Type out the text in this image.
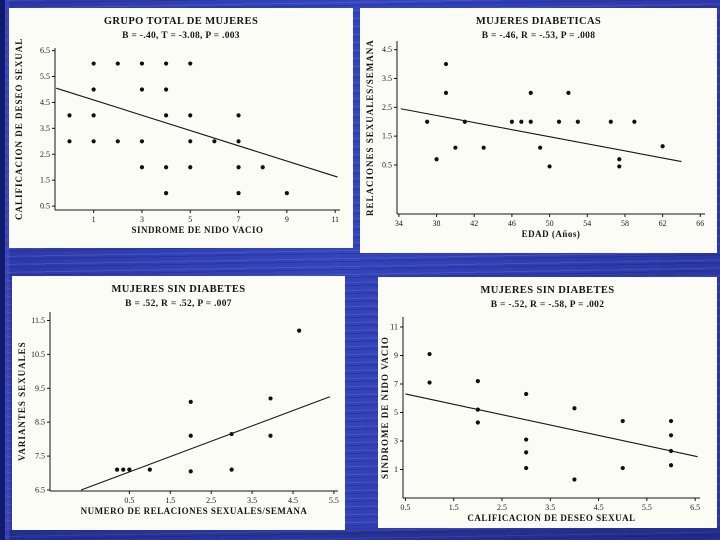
GRUPO TOTAL DE MUJERES
B = -.40, T = -3.08, P = .003
CALIFICACION DE DESEO SEXUAL
SINDROME DE NIDO VACIO
1	3	5	7	9	11
0.5
1.5
2.5
3.5
4.5
5.5
6.5
MUJERES DIABETICAS
B = -.46, R = -.53, P = .008
RELACIONES SEXUALES/SEMANA
EDAD (Años)
34	38	42	46	50	54	58	62	66
0.5
1.5
2.5
3.5
4.5
MUJERES SIN DIABETES
B = .52, R = .52, P = .007
VARIANTES SEXUALES
NUMERO DE RELACIONES SEXUALES/SEMANA
0.5	1.5	2.5	3.5	4.5	5.5
6.5
7.5
8.5
9.5
10.5
11.5
MUJERES SIN DIABETES
B = -.52, R = -.58, P = .002
SINDROME DE NIDO VACIO
CALIFICACION DE DESEO SEXUAL
0.5	1.5	2.5	3.5	4.5	5.5	6.5
1
3
5
7
9
11
